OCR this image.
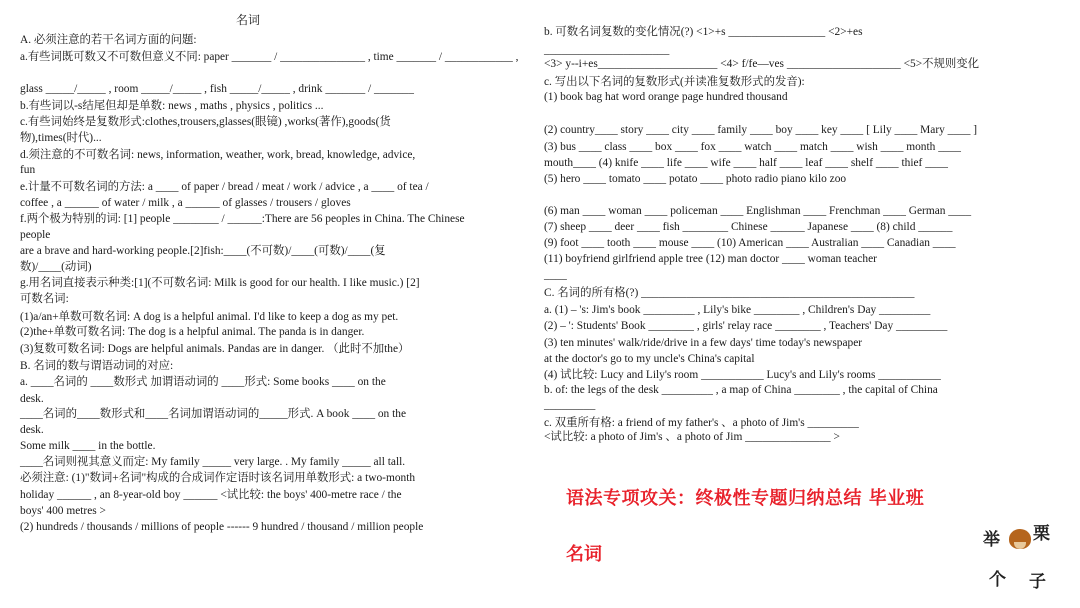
名词
A. 必须注意的若干名词方面的问题:
a.有些词既可数又不可数但意义不同: paper _______ / _______________ , time _______ / ____________ ,
glass _____/_____ , room _____/_____ , fish _____/_____ , drink _______ / _______
b.有些词以-s结尾但却是单数: news , maths , physics , politics ...
c.有些词始终是复数形式:clothes,trousers,glasses(眼镜) ,works(著作),goods(货
物),times(时代)...
d.须注意的不可数名词: news, information, weather, work, bread, knowledge, advice,
fun
e.计量不可数名词的方法: a ____ of paper / bread / meat / work / advice , a ____ of tea /
coffee , a ______ of water / milk , a ______ of glasses / trousers / gloves
f.两个极为特别的词: [1] people ________ / ______:There are 56 peoples in China. The Chinese
people
are a brave and hard-working people.[2]fish:____(不可数)/____(可数)/____(复
数)/____(动词)
g.用名词直接表示种类:[1](不可数名词: Milk is good for our health. I like music.) [2]
可数名词:
(1)a/an+单数可数名词: A dog is a helpful animal. I'd like to keep a dog as my pet.
(2)the+单数可数名词: The dog is a helpful animal. The panda is in danger.
(3)复数可数名词: Dogs are helpful animals. Pandas are in danger. （此时不加the）
B. 名词的数与谓语动词的对应:
a. ____名词的 ____数形式 加谓语动词的 ____形式: Some books ____ on the
desk.
____名词的____数形式和____名词加谓语动词的_____形式. A book ____ on the
desk.
Some milk ____ in the bottle.
____名词则视其意义而定: My family _____ very large. . My family _____ all tall.
必须注意: (1)"数词+名词"构成的合成词作定语时该名词用单数形式: a two-month
holiday ______ , an 8-year-old boy ______ <试比较: the boys' 400-metre race / the
boys' 400 metres >
(2) hundreds / thousands / millions of people ------ 9 hundred / thousand / million people
b. 可数名词复数的变化情况(?) <1>+s _________________ <2>+es
______________________
<3> y--i+es_____________________ <4> f/fe—ves ____________________ <5>不规则变化
c. 写出以下名词的复数形式(并读准复数形式的发音):
(1) book bag hat word orange page hundred thousand
(2) country____ story ____ city ____ family ____ boy ____ key ____ [ Lily ____ Mary ____ ]
(3) bus ____ class ____ box ____ fox ____ watch ____ match ____ wish ____ month ____
mouth____ (4) knife ____ life ____ wife ____ half ____ leaf ____ shelf ____ thief ____
(5) hero ____ tomato ____ potato ____ photo radio piano kilo zoo
(6) man ____ woman ____ policeman ____ Englishman ____ Frenchman ____ German ____
(7) sheep ____ deer ____ fish ________ Chinese ______ Japanese ____ (8) child ______
(9) foot ____ tooth ____ mouse ____ (10) American ____ Australian ____ Canadian ____
(11) boyfriend girlfriend apple tree (12) man doctor ____ woman teacher
____
C. 名词的所有格(?) ________________________________________________
a. (1) – 's: Jim's book _________ , Lily's bike ________ , Children's Day _________
(2) – ': Students' Book ________ , girls' relay race ________ , Teachers' Day _________
(3) ten minutes' walk/ride/drive in a few days' time today's newspaper
at the doctor's go to my uncle's China's capital
(4) 试比较: Lucy and Lily's room ___________ Lucy's and Lily's rooms ___________
b. of: the legs of the desk _________ , a map of China ________ , the capital of China
_________
c. 双重所有格: a friend of my father's 、a photo of Jim's _________
<试比较: a photo of Jim's 、a photo of Jim _______________ >
语法专项攻关：终极性专题归纳总结 毕业班
名词
举 栗
个 子
